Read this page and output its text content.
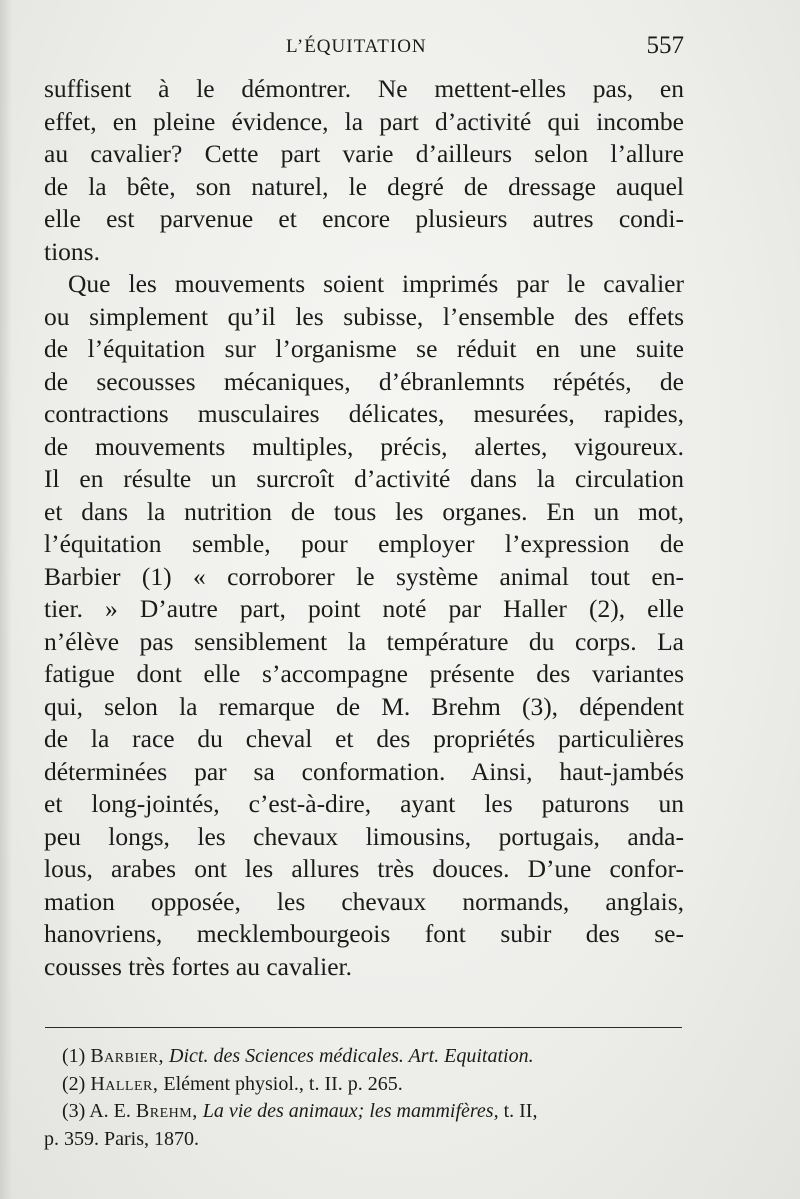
L’ÉQUITATION	557
suffisent à le démontrer. Ne mettent-elles pas, en
effet, en pleine évidence, la part d’activité qui incombe
au cavalier? Cette part varie d’ailleurs selon l’allure
de la bête, son naturel, le degré de dressage auquel
elle est parvenue et encore plusieurs autres condi-
tions.
Que les mouvements soient imprimés par le cavalier
ou simplement qu’il les subisse, l’ensemble des effets
de l’équitation sur l’organisme se réduit en une suite
de secousses mécaniques, d’ébranlemnts répétés, de
contractions musculaires délicates, mesurées, rapides,
de mouvements multiples, précis, alertes, vigoureux.
Il en résulte un surcroît d’activité dans la circulation
et dans la nutrition de tous les organes. En un mot,
l’équitation semble, pour employer l’expression de
Barbier (1) « corroborer le système animal tout en-
tier. » D’autre part, point noté par Haller (2), elle
n’élève pas sensiblement la température du corps. La
fatigue dont elle s’accompagne présente des variantes
qui, selon la remarque de M. Brehm (3), dépendent
de la race du cheval et des propriétés particulières
déterminées par sa conformation. Ainsi, haut-jambés
et long-jointés, c’est-à-dire, ayant les paturons un
peu longs, les chevaux limousins, portugais, anda-
lous, arabes ont les allures très douces. D’une confor-
mation opposée, les chevaux normands, anglais,
hanovriens, mecklembourgeois font subir des se-
cousses très fortes au cavalier.
(1) Barbier, Dict. des Sciences médicales. Art. Equitation.
(2) Haller, Elément physiol., t. II. p. 265.
(3) A. E. Brehm, La vie des animaux; les mammifères, t. II,
p. 359. Paris, 1870.
